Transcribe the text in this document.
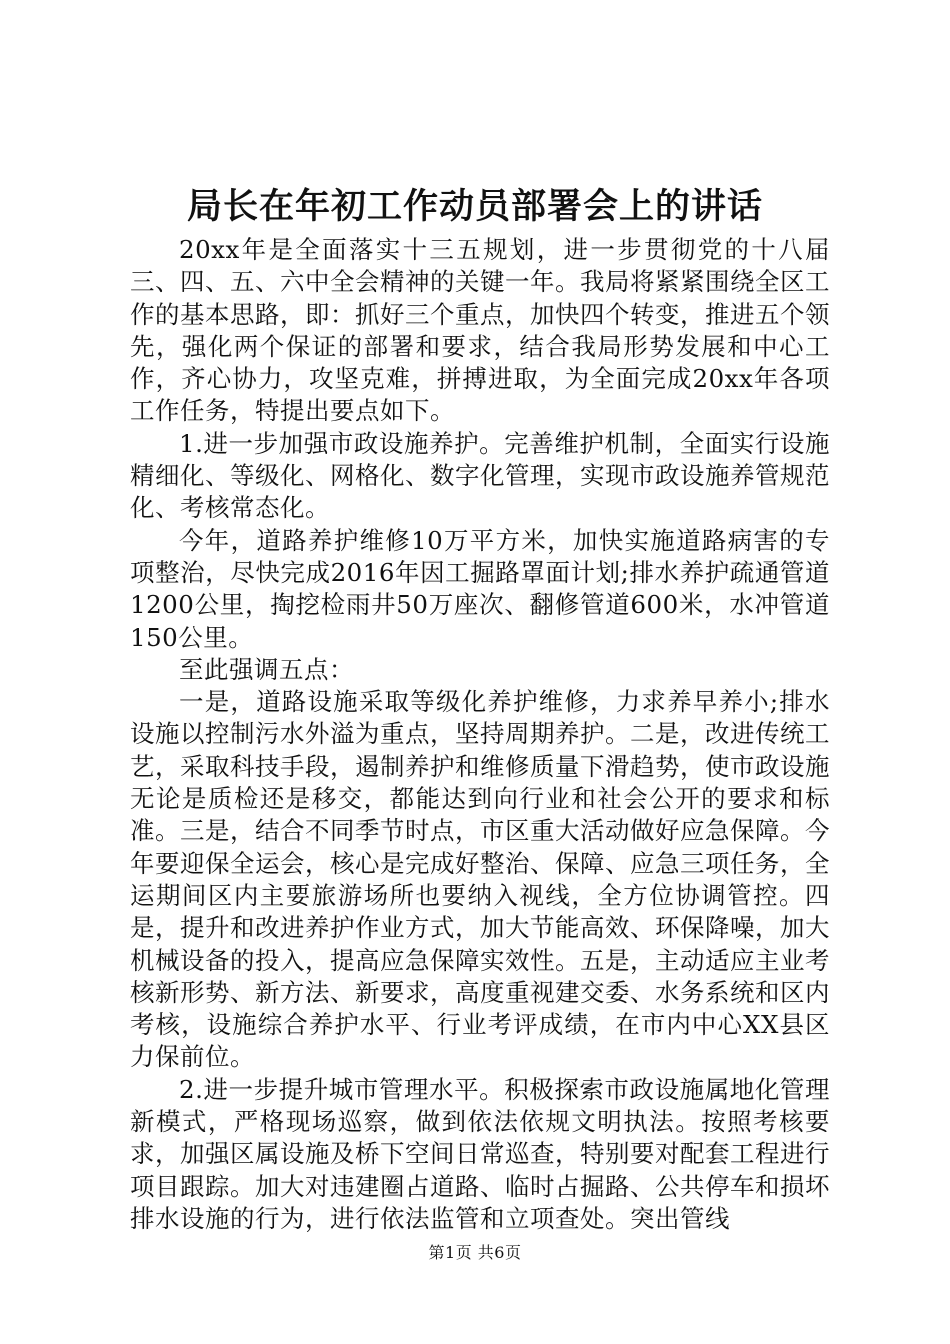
局长在年初工作动员部署会上的讲话

20xx年是全面落实十三五规划，进一步贯彻党的十八届三、四、五、六中全会精神的关键一年。我局将紧紧围绕全区工作的基本思路，即：抓好三个重点，加快四个转变，推进五个领先，强化两个保证的部署和要求，结合我局形势发展和中心工作，齐心协力，攻坚克难，拼搏进取，为全面完成20xx年各项工作任务，特提出要点如下。

1.进一步加强市政设施养护。完善维护机制，全面实行设施精细化、等级化、网格化、数字化管理，实现市政设施养管规范化、考核常态化。

今年，道路养护维修10万平方米，加快实施道路病害的专项整治，尽快完成2016年因工掘路罩面计划;排水养护疏通管道1200公里，掏挖检雨井50万座次、翻修管道600米，水冲管道150公里。

至此强调五点：

一是，道路设施采取等级化养护维修，力求养早养小;排水设施以控制污水外溢为重点，坚持周期养护。二是，改进传统工艺，采取科技手段，遏制养护和维修质量下滑趋势，使市政设施无论是质检还是移交，都能达到向行业和社会公开的要求和标准。三是，结合不同季节时点，市区重大活动做好应急保障。今年要迎保全运会，核心是完成好整治、保障、应急三项任务，全运期间区内主要旅游场所也要纳入视线，全方位协调管控。四是，提升和改进养护作业方式，加大节能高效、环保降噪，加大机械设备的投入，提高应急保障实效性。五是，主动适应主业考核新形势、新方法、新要求，高度重视建交委、水务系统和区内考核，设施综合养护水平、行业考评成绩，在市内中心XX县区力保前位。

2.进一步提升城市管理水平。积极探索市政设施属地化管理新模式，严格现场巡察，做到依法依规文明执法。按照考核要求，加强区属设施及桥下空间日常巡查，特别要对配套工程进行项目跟踪。加大对违建圈占道路、临时占掘路、公共停车和损坏排水设施的行为，进行依法监管和立项查处。突出管线

第1页 共6页
